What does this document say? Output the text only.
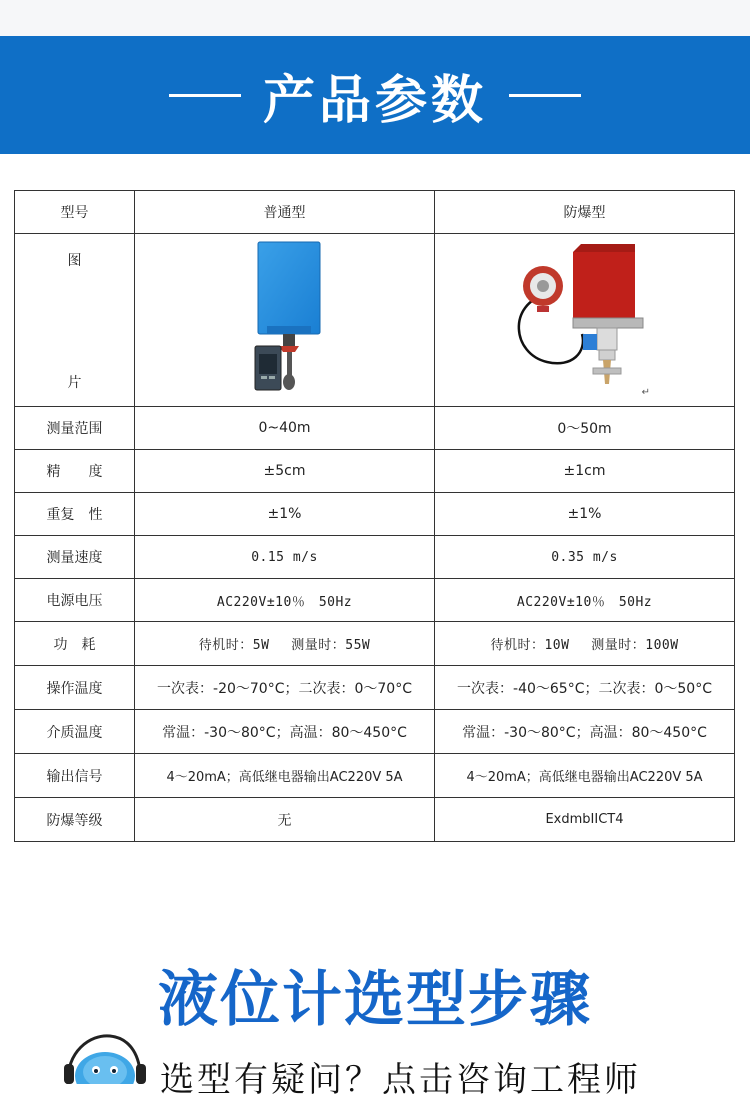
产品参数
型号	普通型	防爆型

图
片		↵

测量范围	0~40m	0～50m
精　　度	±5cm	±1cm
重复　性	±1%	±1%
测量速度	0.15 m/s	0.35 m/s
电源电压	AC220V±10％　50Hz	AC220V±10％　50Hz
功　耗	待机时：5W　 测量时：55W	待机时：10W　 测量时：100W
操作温度	一次表：-20～70°C；二次表：0～70°C	一次表：-40～65°C；二次表：0～50°C
介质温度	常温：-30～80°C；高温：80～450°C	常温：-30～80°C；高温：80～450°C
输出信号	4～20mA；高低继电器输出AC220V 5A	4～20mA；高低继电器输出AC220V 5A
防爆等级	无	ExdmbIICT4
液位计选型步骤
选型有疑问？点击咨询工程师
